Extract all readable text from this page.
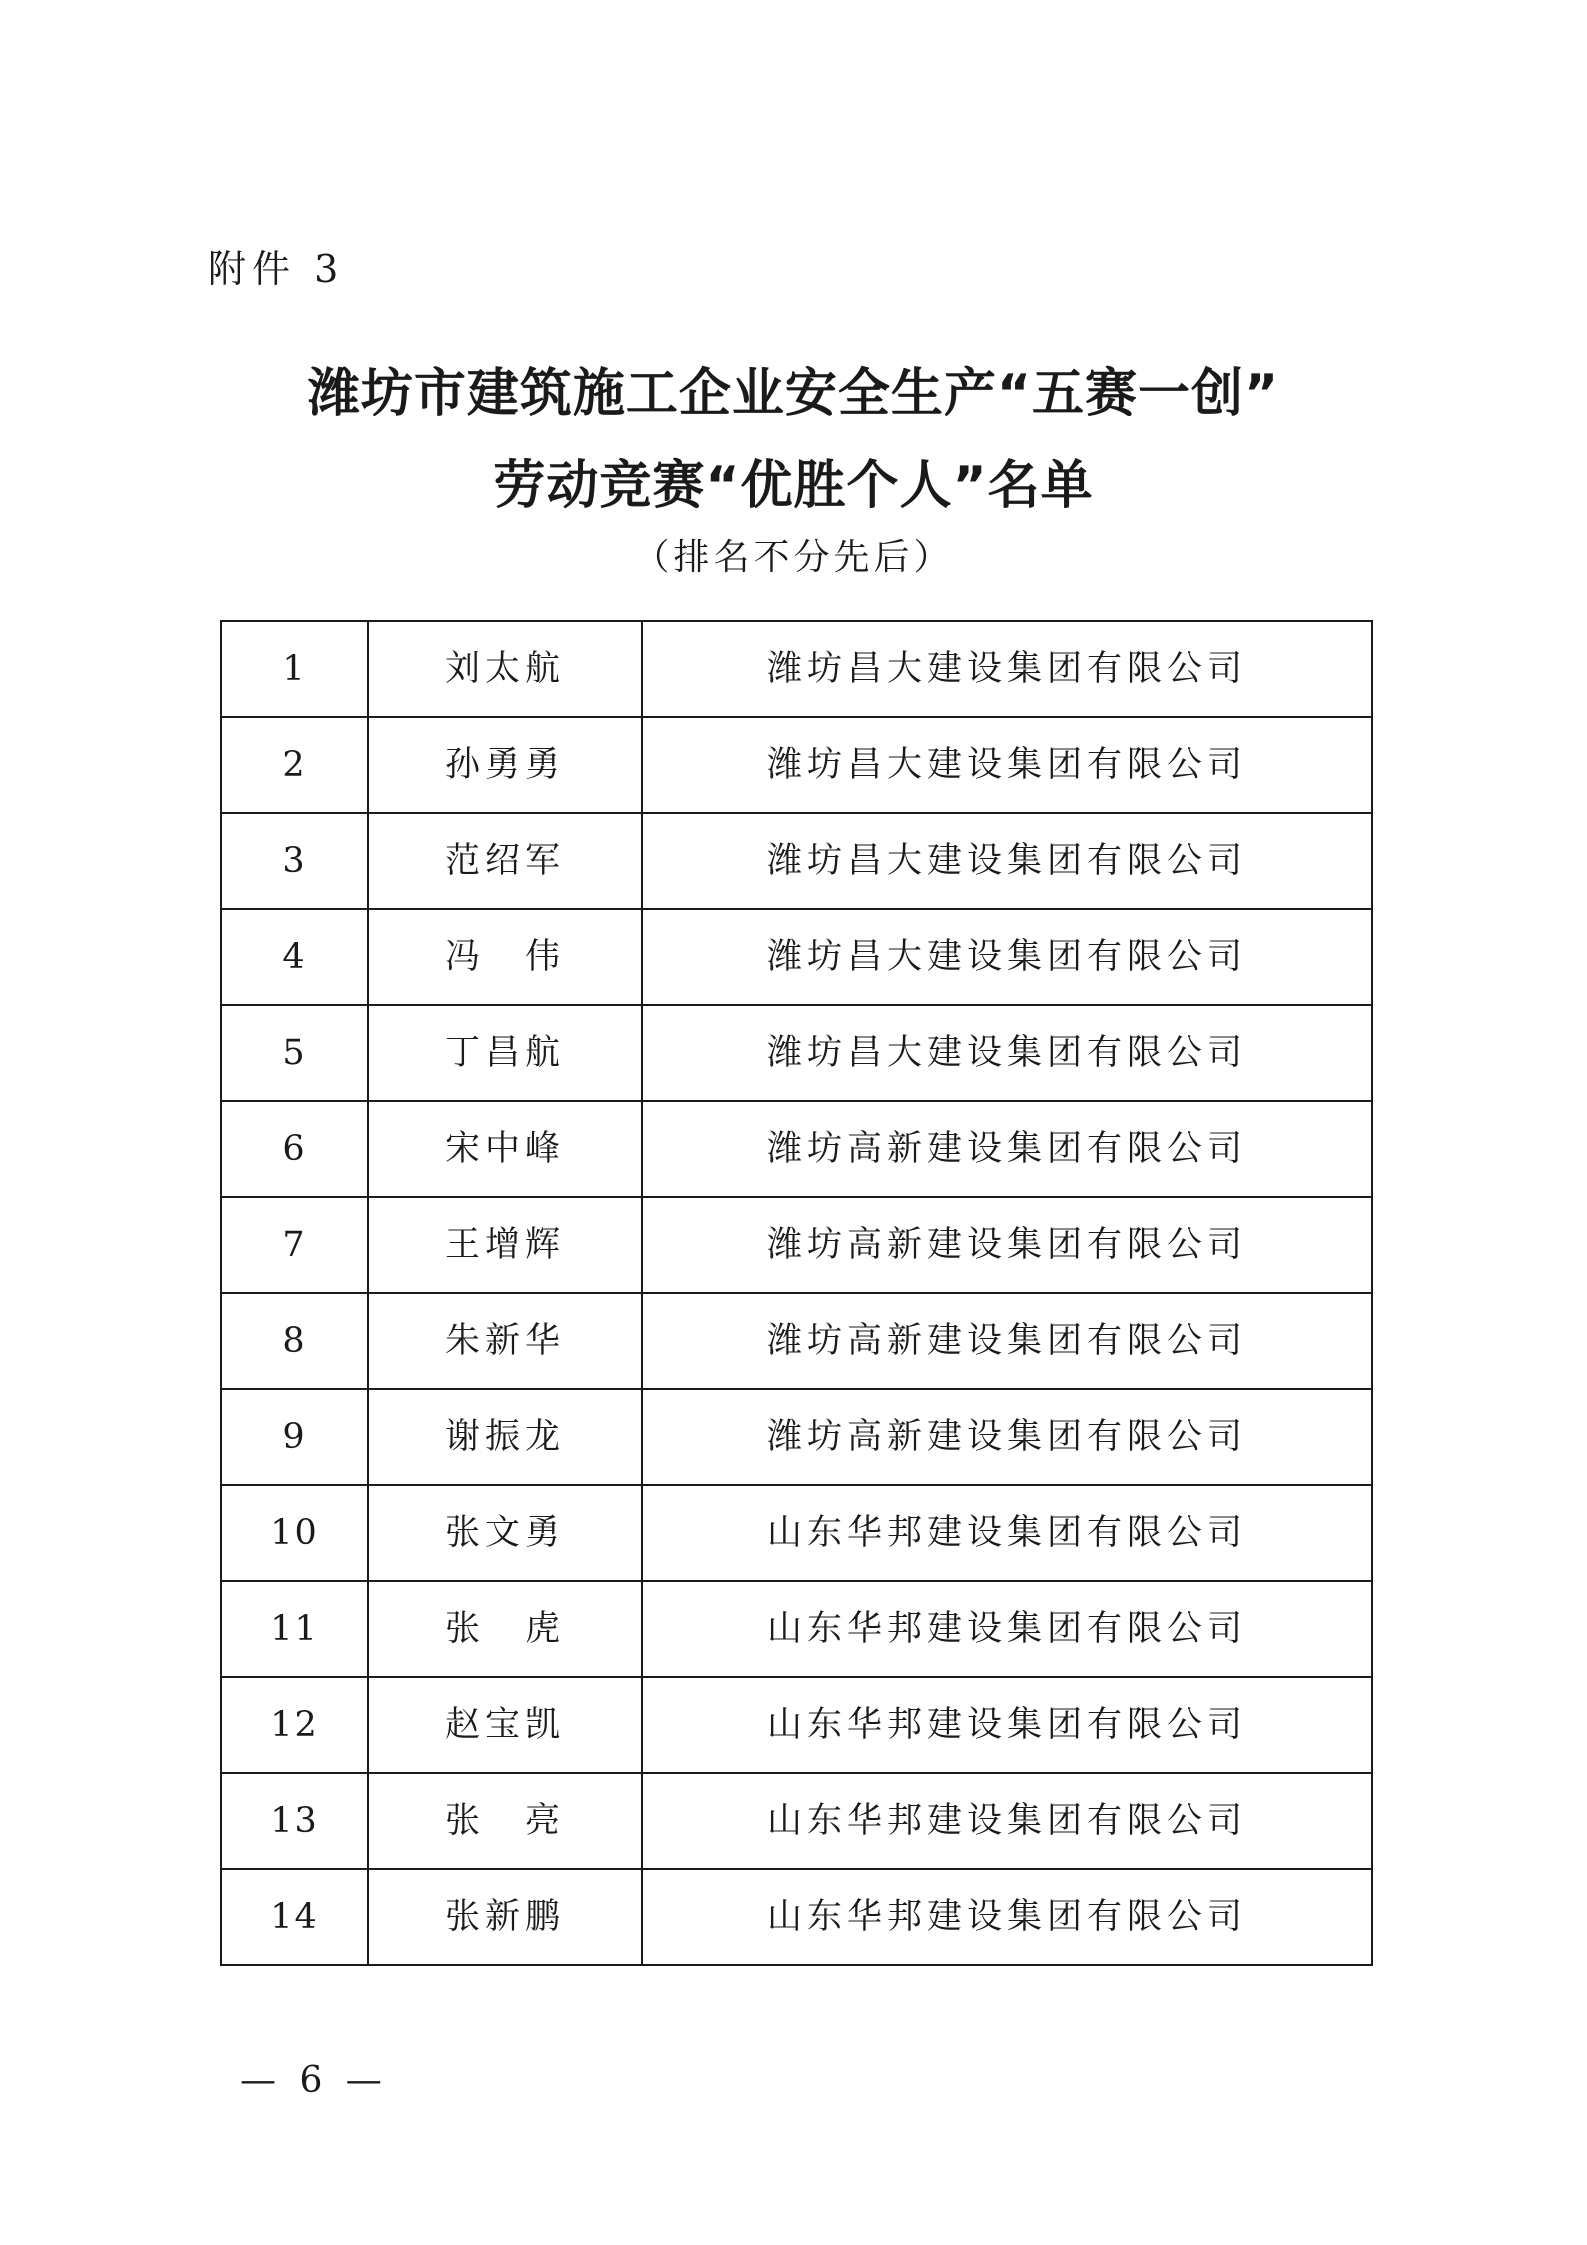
附件 3
潍坊市建筑施工企业安全生产“五赛一创”
劳动竞赛“优胜个人”名单
（排名不分先后）
1	刘太航	潍坊昌大建设集团有限公司
2	孙勇勇	潍坊昌大建设集团有限公司
3	范绍军	潍坊昌大建设集团有限公司
4	冯　伟	潍坊昌大建设集团有限公司
5	丁昌航	潍坊昌大建设集团有限公司
6	宋中峰	潍坊高新建设集团有限公司
7	王增辉	潍坊高新建设集团有限公司
8	朱新华	潍坊高新建设集团有限公司
9	谢振龙	潍坊高新建设集团有限公司
10	张文勇	山东华邦建设集团有限公司
11	张　虎	山东华邦建设集团有限公司
12	赵宝凯	山东华邦建设集团有限公司
13	张　亮	山东华邦建设集团有限公司
14	张新鹏	山东华邦建设集团有限公司
— 6 —
